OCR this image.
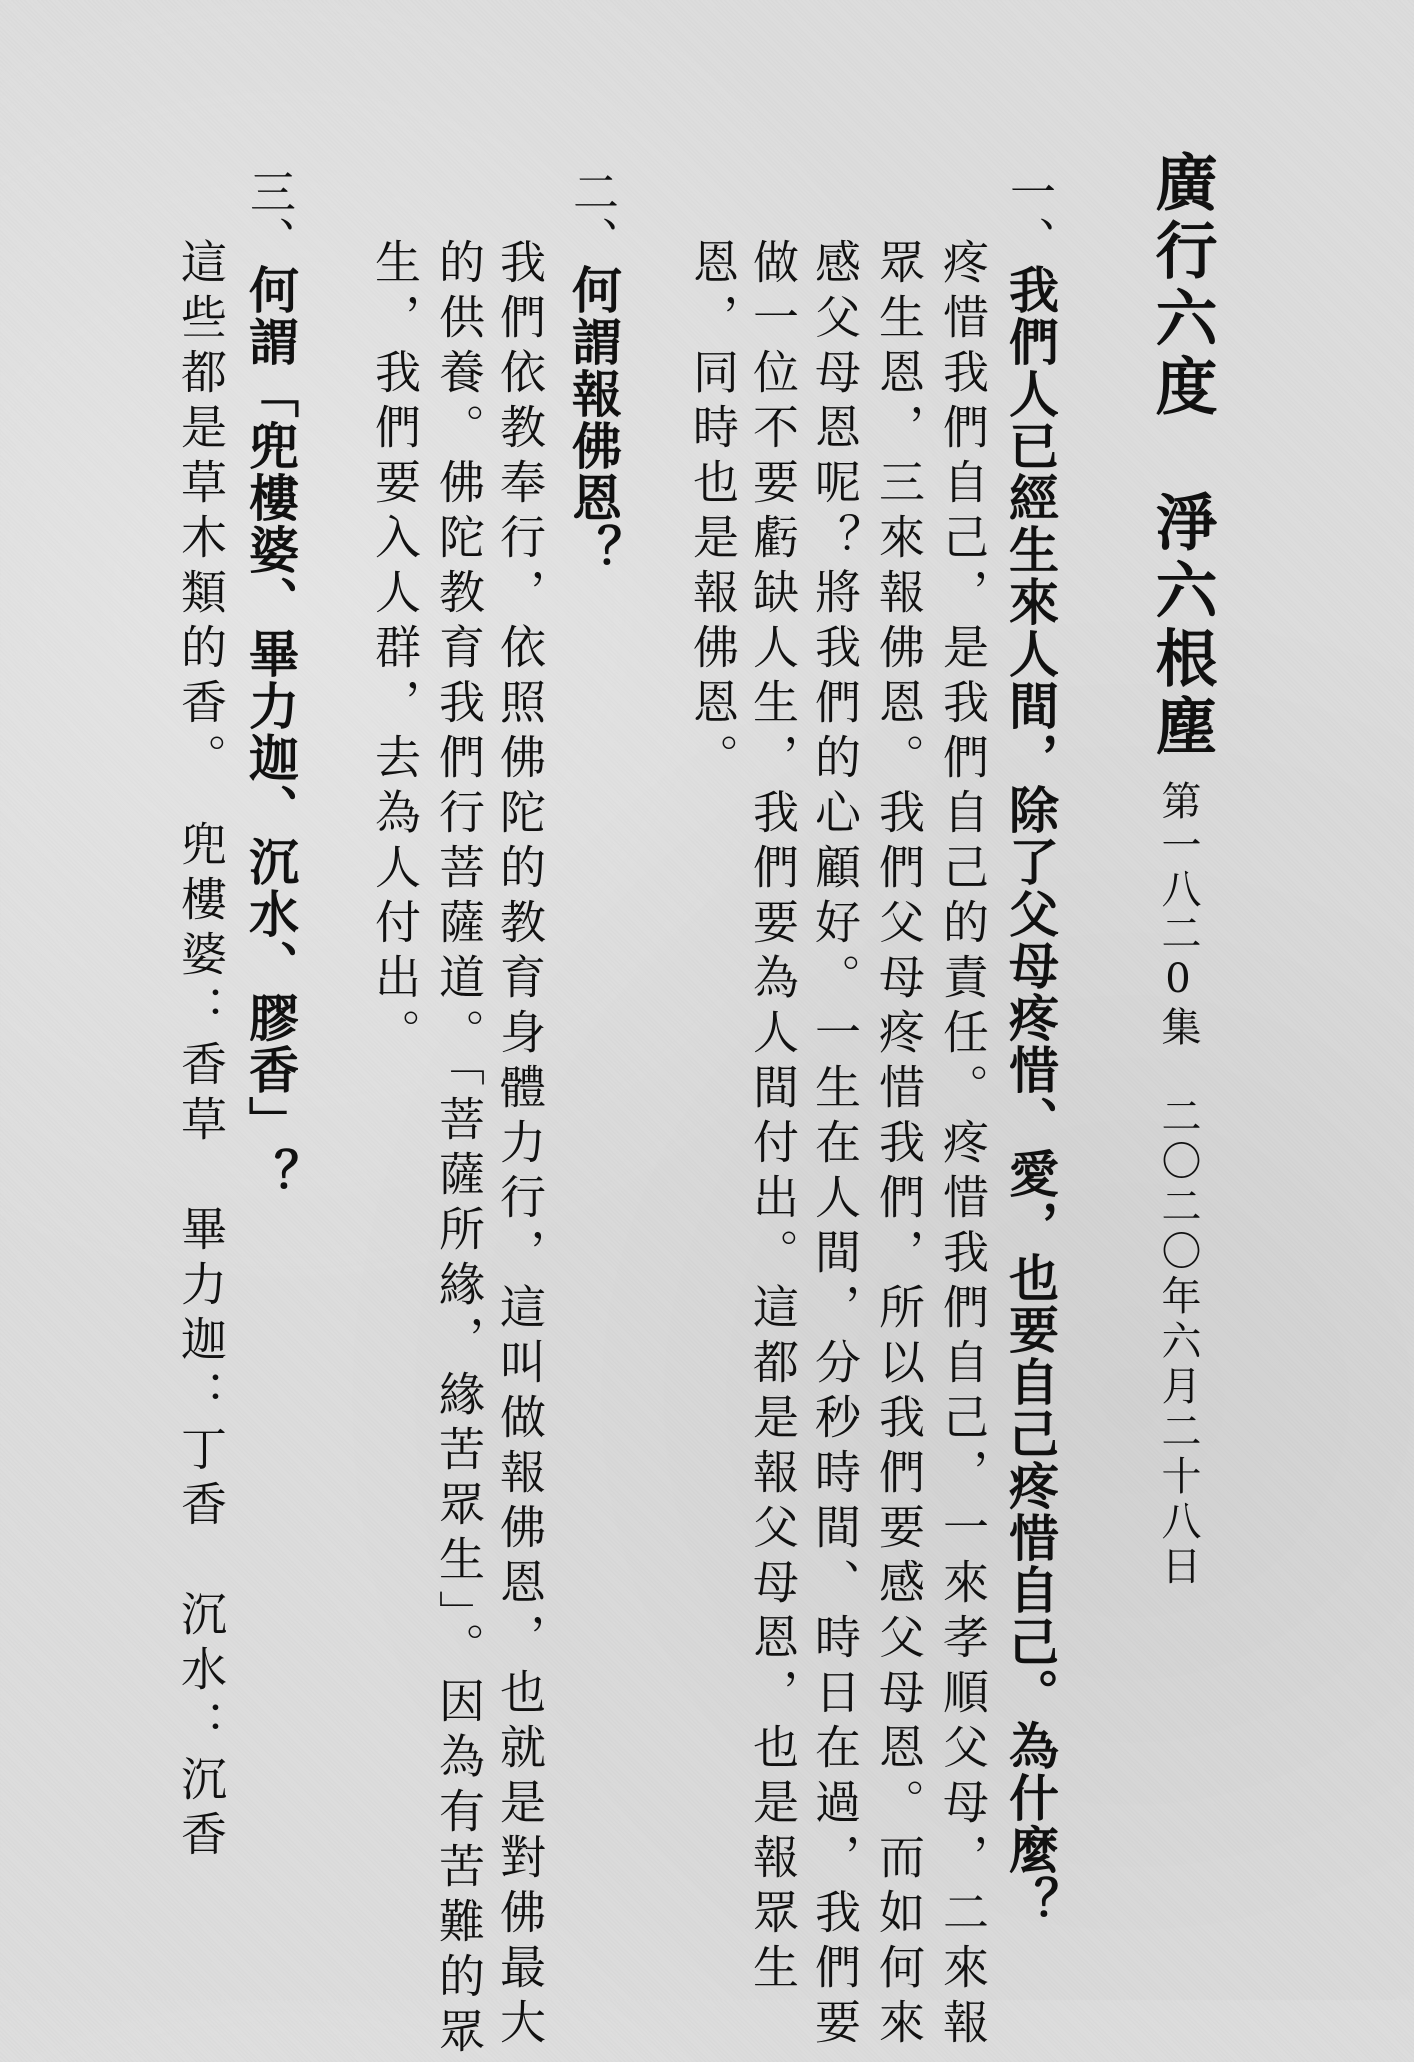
廣行六度　淨六根塵
第一八二0集
二〇二〇年六月二十八日
一、我們人已經生來人間，除了父母疼惜、愛，也要自己疼惜自己。為什麼？
疼惜我們自己，是我們自己的責任。疼惜我們自己，一來孝順父母，二來報
眾生恩，三來報佛恩。我們父母疼惜我們，所以我們要感父母恩。而如何來
感父母恩呢？將我們的心顧好。一生在人間，分秒時間、時日在過，我們要
做一位不要虧缺人生，我們要為人間付出。這都是報父母恩，也是報眾生
恩，同時也是報佛恩。
二、何謂報佛恩？
我們依教奉行，依照佛陀的教育身體力行，這叫做報佛恩，也就是對佛最大
的供養。佛陀教育我們行菩薩道。「菩薩所緣，緣苦眾生」。因為有苦難的眾
生，我們要入人群，去為人付出。
三、何謂「兜樓婆、畢力迦、沉水、膠香」？
這些都是草木類的香。　兜樓婆：香草　畢力迦：丁香　沉水：沉香
